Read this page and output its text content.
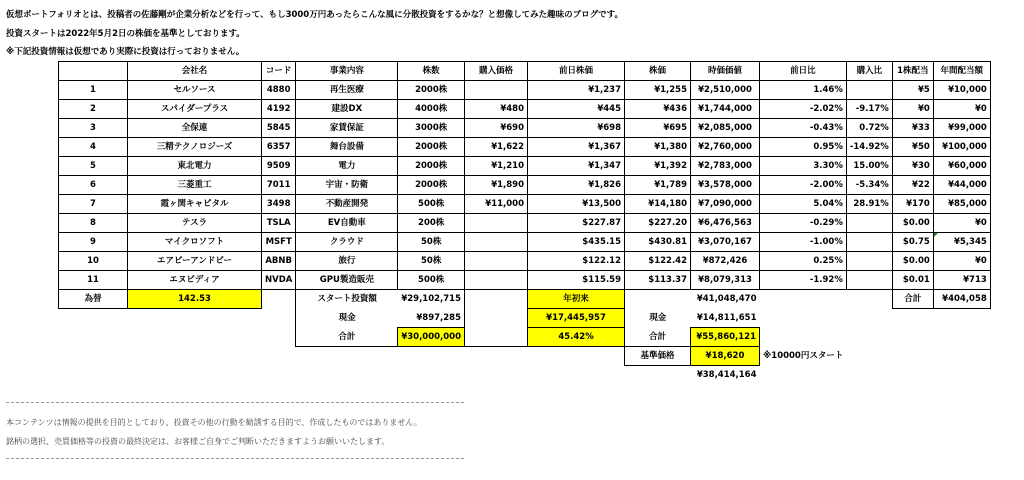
仮想ポートフォリオとは、投稿者の佐藤剛が企業分析などを行って、もし3000万円あったらこんな風に分散投資をするかな？と想像してみた趣味のブログです。
投資スタートは2022年5月2日の株価を基準としております。
※下記投資情報は仮想であり実際に投資は行っておりません。
	会社名	コード	事業内容	株数	購入価格	前日株価	株価	時価価値	前日比	購入比	1株配当	年間配当額
1	セルソース	4880	再生医療	2000株		¥1,237	¥1,255	¥2,510,000	1.46%		¥5	¥10,000
2	スパイダープラス	4192	建設DX	4000株	¥480	¥445	¥436	¥1,744,000	-2.02%	-9.17%	¥0	¥0
3	全保連	5845	家賃保証	3000株	¥690	¥698	¥695	¥2,085,000	-0.43%	0.72%	¥33	¥99,000
4	三精テクノロジーズ	6357	舞台設備	2000株	¥1,622	¥1,367	¥1,380	¥2,760,000	0.95%	-14.92%	¥50	¥100,000
5	東北電力	9509	電力	2000株	¥1,210	¥1,347	¥1,392	¥2,783,000	3.30%	15.00%	¥30	¥60,000
6	三菱重工	7011	宇宙・防衛	2000株	¥1,890	¥1,826	¥1,789	¥3,578,000	-2.00%	-5.34%	¥22	¥44,000
7	霞ヶ関キャピタル	3498	不動産開発	500株	¥11,000	¥13,500	¥14,180	¥7,090,000	5.04%	28.91%	¥170	¥85,000
8	テスラ	TSLA	EV自動車	200株		$227.87	$227.20	¥6,476,563	-0.29%		$0.00	¥0
9	マイクロソフト	MSFT	クラウド	50株		$435.15	$430.81	¥3,070,167	-1.00%		$0.75	¥5,345
10	エアビーアンドビー	ABNB	旅行	50株		$122.12	$122.42	¥872,426	0.25%		$0.00	¥0
11	エヌビディア	NVDA	GPU製造販売	500株		$115.59	$113.37	¥8,079,313	-1.92%		$0.01	¥713
為替	142.53		スタート投資額	¥29,102,715		年初来		¥41,048,470			合計	¥404,058
			現金	¥897,285		¥17,445,957	現金	¥14,811,651				
			合計	¥30,000,000		45.42%	合計	¥55,860,121				
							基準価格	¥18,620	※10000円スタート			
								¥38,414,164				
本コンテンツは情報の提供を目的としており、投資その他の行動を勧誘する目的で、作成したものではありません。
銘柄の選択、売買価格等の投資の最終決定は、お客様ご自身でご判断いただきますようお願いいたします。
